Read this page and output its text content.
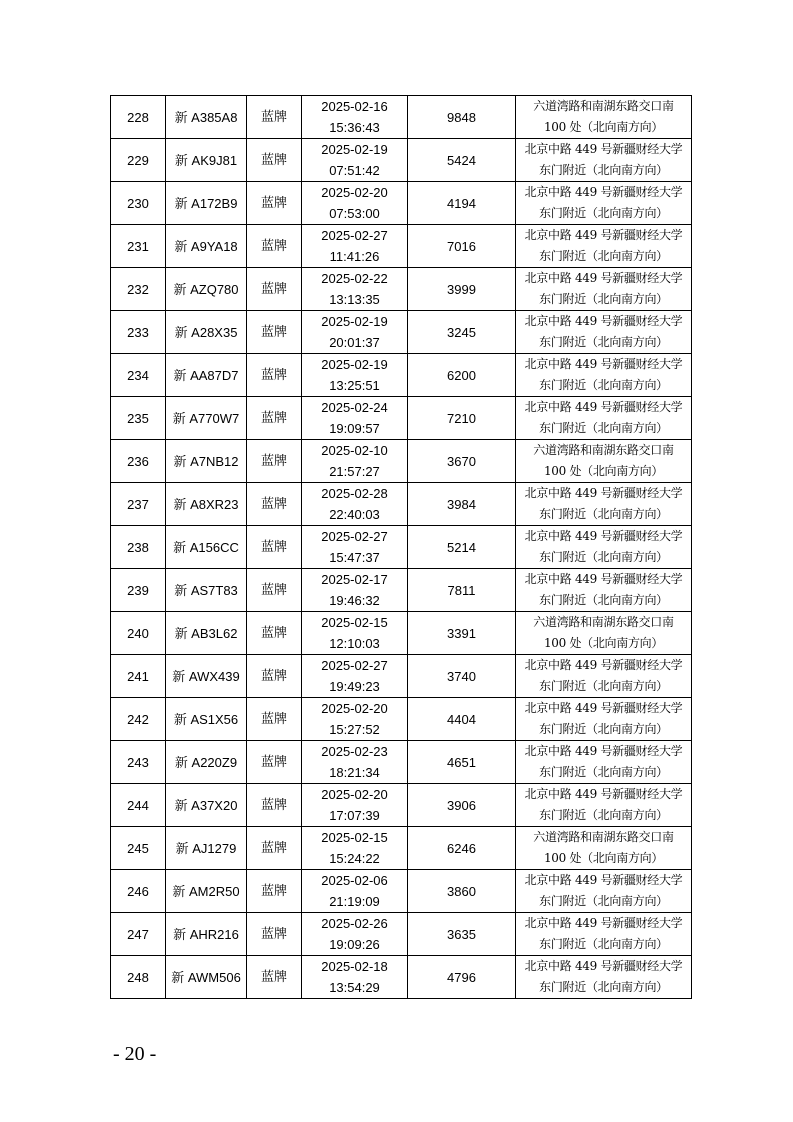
228	新 A385A8	蓝牌	2025-02-16
15:36:43	9848	六道湾路和南湖东路交口南
100 处（北向南方向）

229	新 AK9J81	蓝牌	2025-02-19
07:51:42	5424	北京中路 449 号新疆财经大学
东门附近（北向南方向）

230	新 A172B9	蓝牌	2025-02-20
07:53:00	4194	北京中路 449 号新疆财经大学
东门附近（北向南方向）

231	新 A9YA18	蓝牌	2025-02-27
11:41:26	7016	北京中路 449 号新疆财经大学
东门附近（北向南方向）

232	新 AZQ780	蓝牌	2025-02-22
13:13:35	3999	北京中路 449 号新疆财经大学
东门附近（北向南方向）

233	新 A28X35	蓝牌	2025-02-19
20:01:37	3245	北京中路 449 号新疆财经大学
东门附近（北向南方向）

234	新 AA87D7	蓝牌	2025-02-19
13:25:51	6200	北京中路 449 号新疆财经大学
东门附近（北向南方向）

235	新 A770W7	蓝牌	2025-02-24
19:09:57	7210	北京中路 449 号新疆财经大学
东门附近（北向南方向）

236	新 A7NB12	蓝牌	2025-02-10
21:57:27	3670	六道湾路和南湖东路交口南
100 处（北向南方向）

237	新 A8XR23	蓝牌	2025-02-28
22:40:03	3984	北京中路 449 号新疆财经大学
东门附近（北向南方向）

238	新 A156CC	蓝牌	2025-02-27
15:47:37	5214	北京中路 449 号新疆财经大学
东门附近（北向南方向）

239	新 AS7T83	蓝牌	2025-02-17
19:46:32	7811	北京中路 449 号新疆财经大学
东门附近（北向南方向）

240	新 AB3L62	蓝牌	2025-02-15
12:10:03	3391	六道湾路和南湖东路交口南
100 处（北向南方向）

241	新 AWX439	蓝牌	2025-02-27
19:49:23	3740	北京中路 449 号新疆财经大学
东门附近（北向南方向）

242	新 AS1X56	蓝牌	2025-02-20
15:27:52	4404	北京中路 449 号新疆财经大学
东门附近（北向南方向）

243	新 A220Z9	蓝牌	2025-02-23
18:21:34	4651	北京中路 449 号新疆财经大学
东门附近（北向南方向）

244	新 A37X20	蓝牌	2025-02-20
17:07:39	3906	北京中路 449 号新疆财经大学
东门附近（北向南方向）

245	新 AJ1279	蓝牌	2025-02-15
15:24:22	6246	六道湾路和南湖东路交口南
100 处（北向南方向）

246	新 AM2R50	蓝牌	2025-02-06
21:19:09	3860	北京中路 449 号新疆财经大学
东门附近（北向南方向）

247	新 AHR216	蓝牌	2025-02-26
19:09:26	3635	北京中路 449 号新疆财经大学
东门附近（北向南方向）

248	新 AWM506	蓝牌	2025-02-18
13:54:29	4796	北京中路 449 号新疆财经大学
东门附近（北向南方向）
- 20 -
